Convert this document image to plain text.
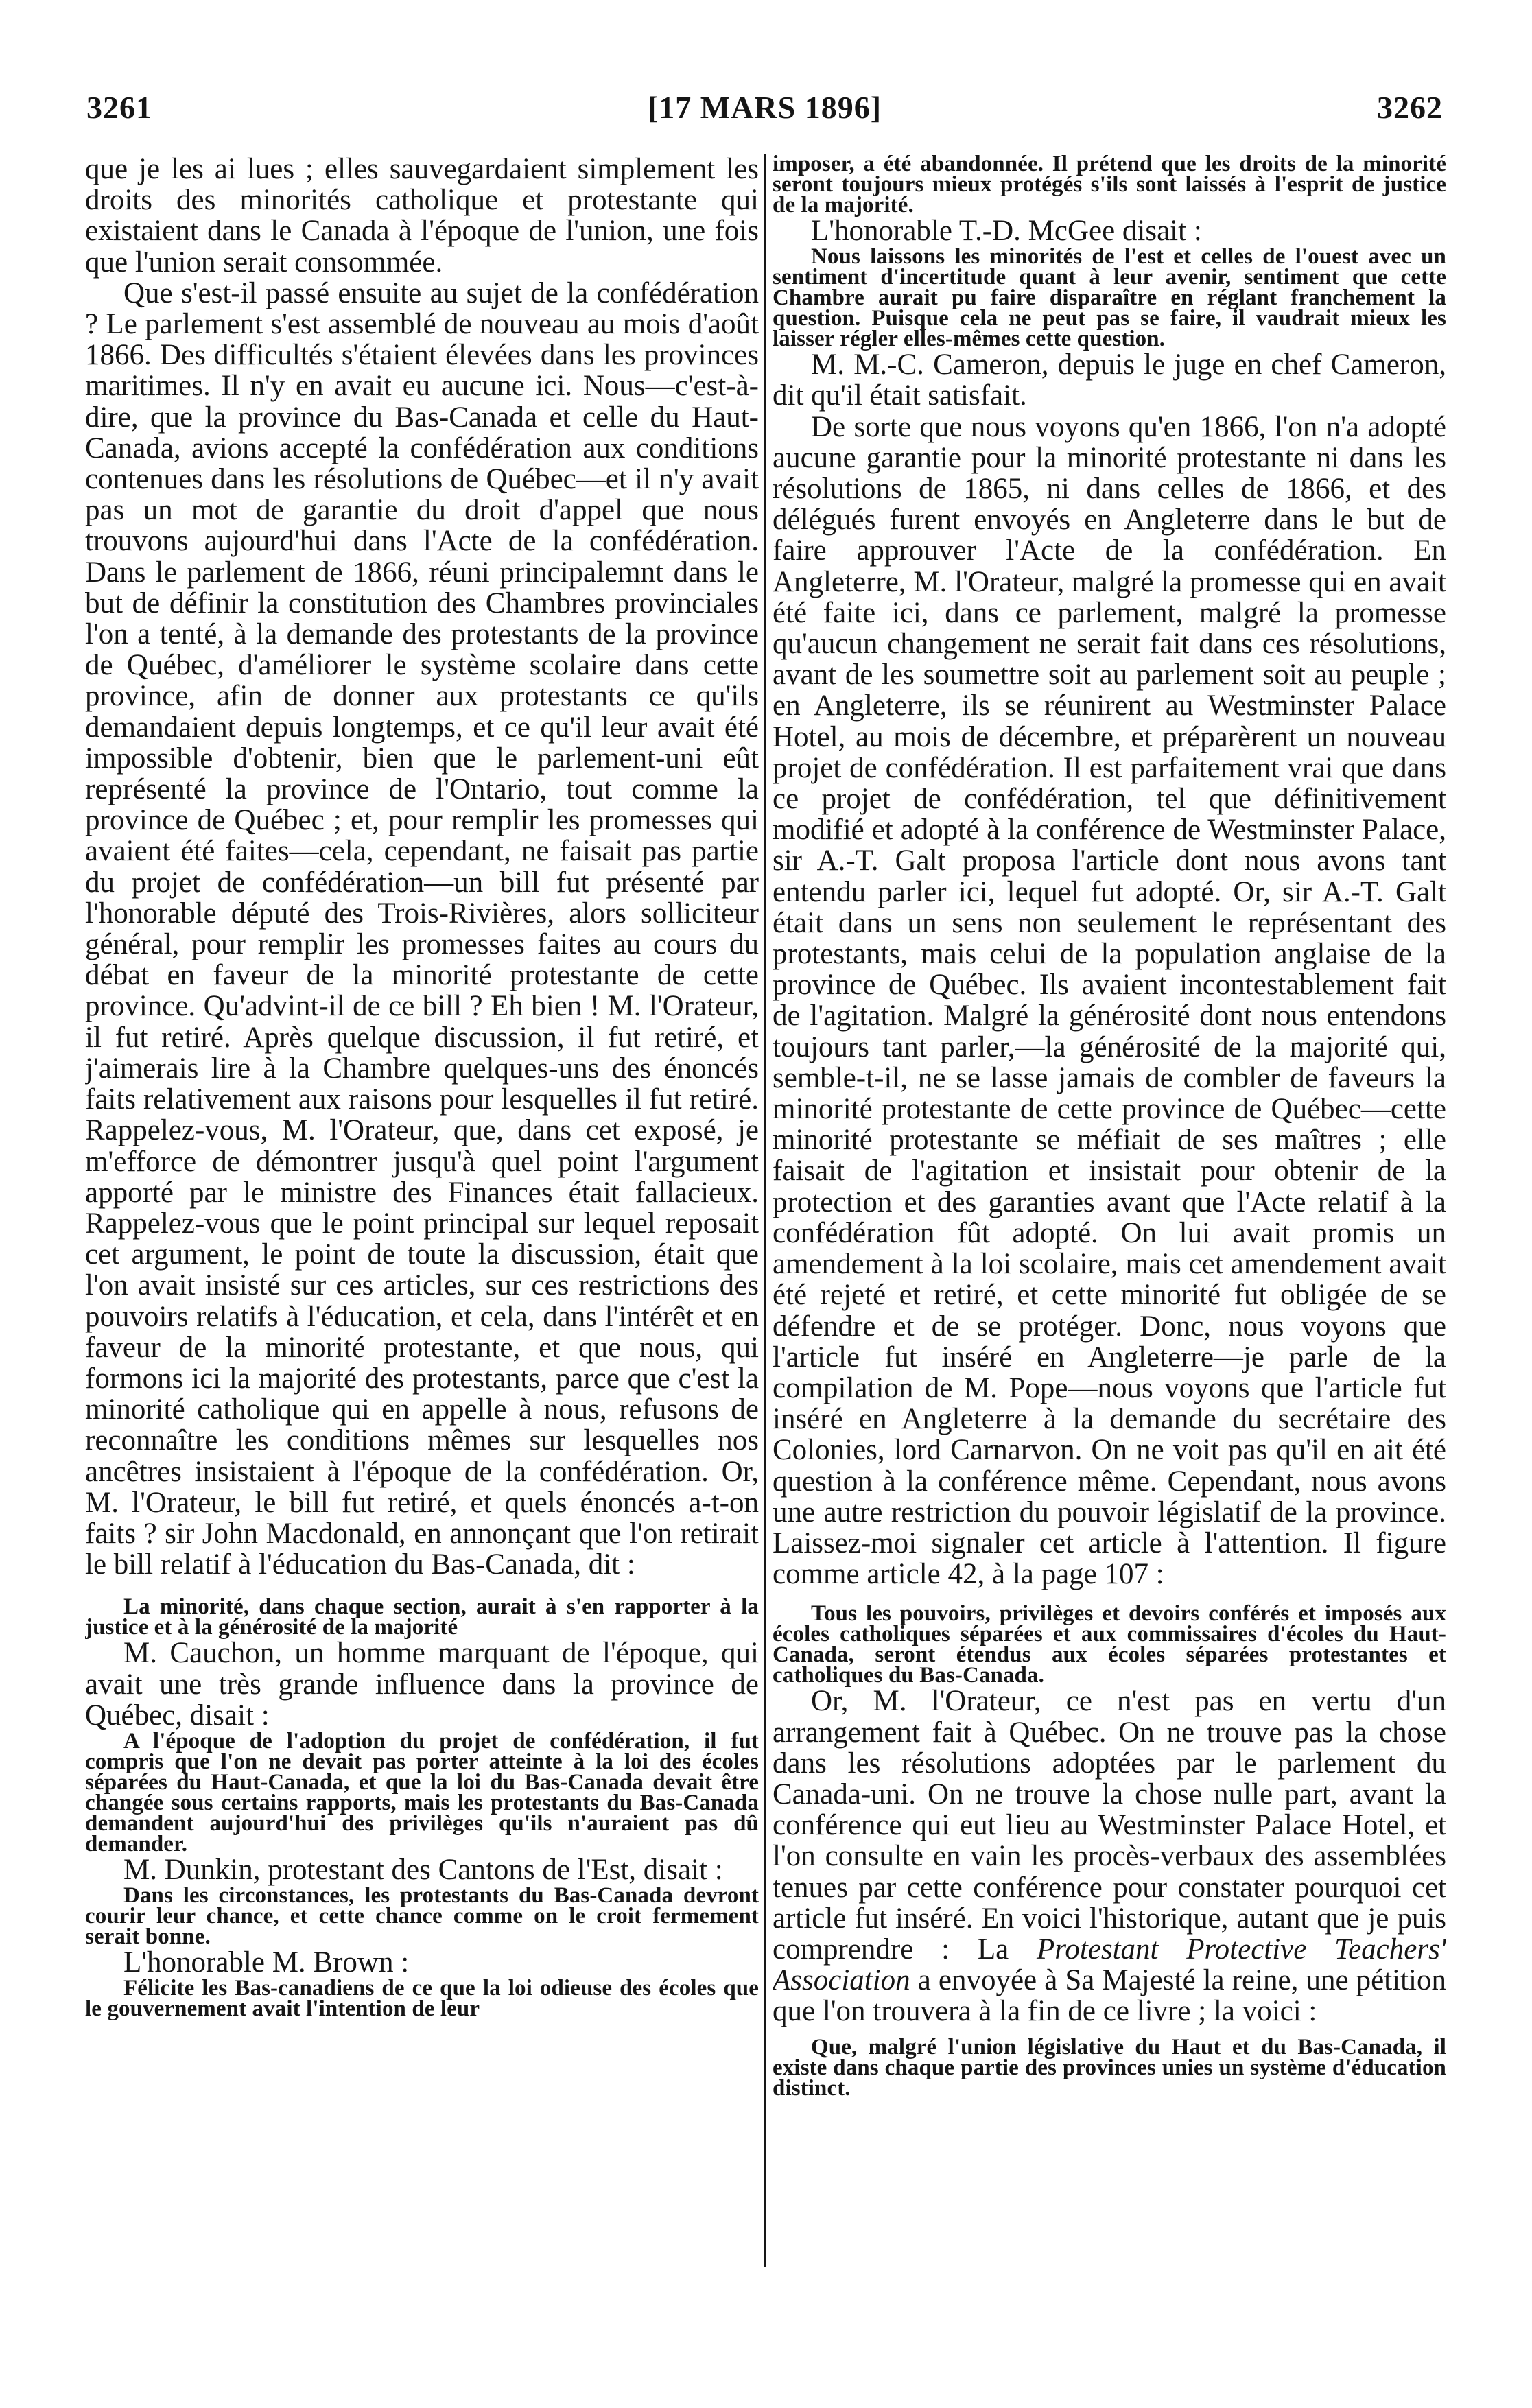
3261	[17 MARS 1896]	3262

que je les ai lues ; elles sauvegardaient simplement les droits des minorités catholique et protestante qui existaient dans le Canada à l'époque de l'union, une fois que l'union serait consommée.

Que s'est-il passé ensuite au sujet de la confédération ? Le parlement s'est assemblé de nouveau au mois d'août 1866. Des difficultés s'étaient élevées dans les provinces maritimes. Il n'y en avait eu aucune ici. Nous—c'est-à-dire, que la province du Bas-Canada et celle du Haut-Canada, avions accepté la confédération aux conditions contenues dans les résolutions de Québec—et il n'y avait pas un mot de garantie du droit d'appel que nous trouvons aujourd'hui dans l'Acte de la confédération. Dans le parlement de 1866, réuni principalemnt dans le but de définir la constitution des Chambres provinciales l'on a tenté, à la demande des protestants de la province de Québec, d'améliorer le système scolaire dans cette province, afin de donner aux protestants ce qu'ils demandaient depuis longtemps, et ce qu'il leur avait été impossible d'obtenir, bien que le parlement-uni eût représenté la province de l'Ontario, tout comme la province de Québec ; et, pour remplir les promesses qui avaient été faites—cela, cependant, ne faisait pas partie du projet de confédération—un bill fut présenté par l'honorable député des Trois-Rivières, alors solliciteur général, pour remplir les promesses faites au cours du débat en faveur de la minorité protestante de cette province. Qu'advint-il de ce bill ? Eh bien ! M. l'Orateur, il fut retiré. Après quelque discussion, il fut retiré, et j'aimerais lire à la Chambre quelques-uns des énoncés faits relativement aux raisons pour lesquelles il fut retiré. Rappelez-vous, M. l'Orateur, que, dans cet exposé, je m'efforce de démontrer jusqu'à quel point l'argument apporté par le ministre des Finances était fallacieux. Rappelez-vous que le point principal sur lequel reposait cet argument, le point de toute la discussion, était que l'on avait insisté sur ces articles, sur ces restrictions des pouvoirs relatifs à l'éducation, et cela, dans l'intérêt et en faveur de la minorité protestante, et que nous, qui formons ici la majorité des protestants, parce que c'est la minorité catholique qui en appelle à nous, refusons de reconnaître les conditions mêmes sur lesquelles nos ancêtres insistaient à l'époque de la confédération. Or, M. l'Orateur, le bill fut retiré, et quels énoncés a-t-on faits ? sir John Macdonald, en annonçant que l'on retirait le bill relatif à l'éducation du Bas-Canada, dit :

La minorité, dans chaque section, aurait à s'en rapporter à la justice et à la générosité de la majorité

M. Cauchon, un homme marquant de l'époque, qui avait une très grande influence dans la province de Québec, disait :

A l'époque de l'adoption du projet de confédération, il fut compris que l'on ne devait pas porter atteinte à la loi des écoles séparées du Haut-Canada, et que la loi du Bas-Canada devait être changée sous certains rapports, mais les protestants du Bas-Canada demandent aujourd'hui des privilèges qu'ils n'auraient pas dû demander.

M. Dunkin, protestant des Cantons de l'Est, disait :

Dans les circonstances, les protestants du Bas-Canada devront courir leur chance, et cette chance comme on le croit fermement serait bonne.

L'honorable M. Brown :

Félicite les Bas-canadiens de ce que la loi odieuse des écoles que le gouvernement avait l'intention de leur

imposer, a été abandonnée. Il prétend que les droits de la minorité seront toujours mieux protégés s'ils sont laissés à l'esprit de justice de la majorité.

L'honorable T.-D. McGee disait :

Nous laissons les minorités de l'est et celles de l'ouest avec un sentiment d'incertitude quant à leur avenir, sentiment que cette Chambre aurait pu faire disparaître en réglant franchement la question. Puisque cela ne peut pas se faire, il vaudrait mieux les laisser régler elles-mêmes cette question.

M. M.-C. Cameron, depuis le juge en chef Cameron, dit qu'il était satisfait.

De sorte que nous voyons qu'en 1866, l'on n'a adopté aucune garantie pour la minorité protestante ni dans les résolutions de 1865, ni dans celles de 1866, et des délégués furent envoyés en Angleterre dans le but de faire approuver l'Acte de la confédération. En Angleterre, M. l'Orateur, malgré la promesse qui en avait été faite ici, dans ce parlement, malgré la promesse qu'aucun changement ne serait fait dans ces résolutions, avant de les soumettre soit au parlement soit au peuple ; en Angleterre, ils se réunirent au Westminster Palace Hotel, au mois de décembre, et préparèrent un nouveau projet de confédération. Il est parfaitement vrai que dans ce projet de confédération, tel que définitivement modifié et adopté à la conférence de Westminster Palace, sir A.-T. Galt proposa l'article dont nous avons tant entendu parler ici, lequel fut adopté. Or, sir A.-T. Galt était dans un sens non seulement le représentant des protestants, mais celui de la population anglaise de la province de Québec. Ils avaient incontestablement fait de l'agitation. Malgré la générosité dont nous entendons toujours tant parler,—la générosité de la majorité qui, semble-t-il, ne se lasse jamais de combler de faveurs la minorité protestante de cette province de Québec—cette minorité protestante se méfiait de ses maîtres ; elle faisait de l'agitation et insistait pour obtenir de la protection et des garanties avant que l'Acte relatif à la confédération fût adopté. On lui avait promis un amendement à la loi scolaire, mais cet amendement avait été rejeté et retiré, et cette minorité fut obligée de se défendre et de se protéger. Donc, nous voyons que l'article fut inséré en Angleterre—je parle de la compilation de M. Pope—nous voyons que l'article fut inséré en Angleterre à la demande du secrétaire des Colonies, lord Carnarvon. On ne voit pas qu'il en ait été question à la conférence même. Cependant, nous avons une autre restriction du pouvoir législatif de la province. Laissez-moi signaler cet article à l'attention. Il figure comme article 42, à la page 107 :

Tous les pouvoirs, privilèges et devoirs conférés et imposés aux écoles catholiques séparées et aux commissaires d'écoles du Haut-Canada, seront étendus aux écoles séparées protestantes et catholiques du Bas-Canada.

Or, M. l'Orateur, ce n'est pas en vertu d'un arrangement fait à Québec. On ne trouve pas la chose dans les résolutions adoptées par le parlement du Canada-uni. On ne trouve la chose nulle part, avant la conférence qui eut lieu au Westminster Palace Hotel, et l'on consulte en vain les procès-verbaux des assemblées tenues par cette conférence pour constater pourquoi cet article fut inséré. En voici l'historique, autant que je puis comprendre : La Protestant Protective Teachers' Association a envoyée à Sa Majesté la reine, une pétition que l'on trouvera à la fin de ce livre ; la voici :

Que, malgré l'union législative du Haut et du Bas-Canada, il existe dans chaque partie des provinces unies un système d'éducation distinct.
